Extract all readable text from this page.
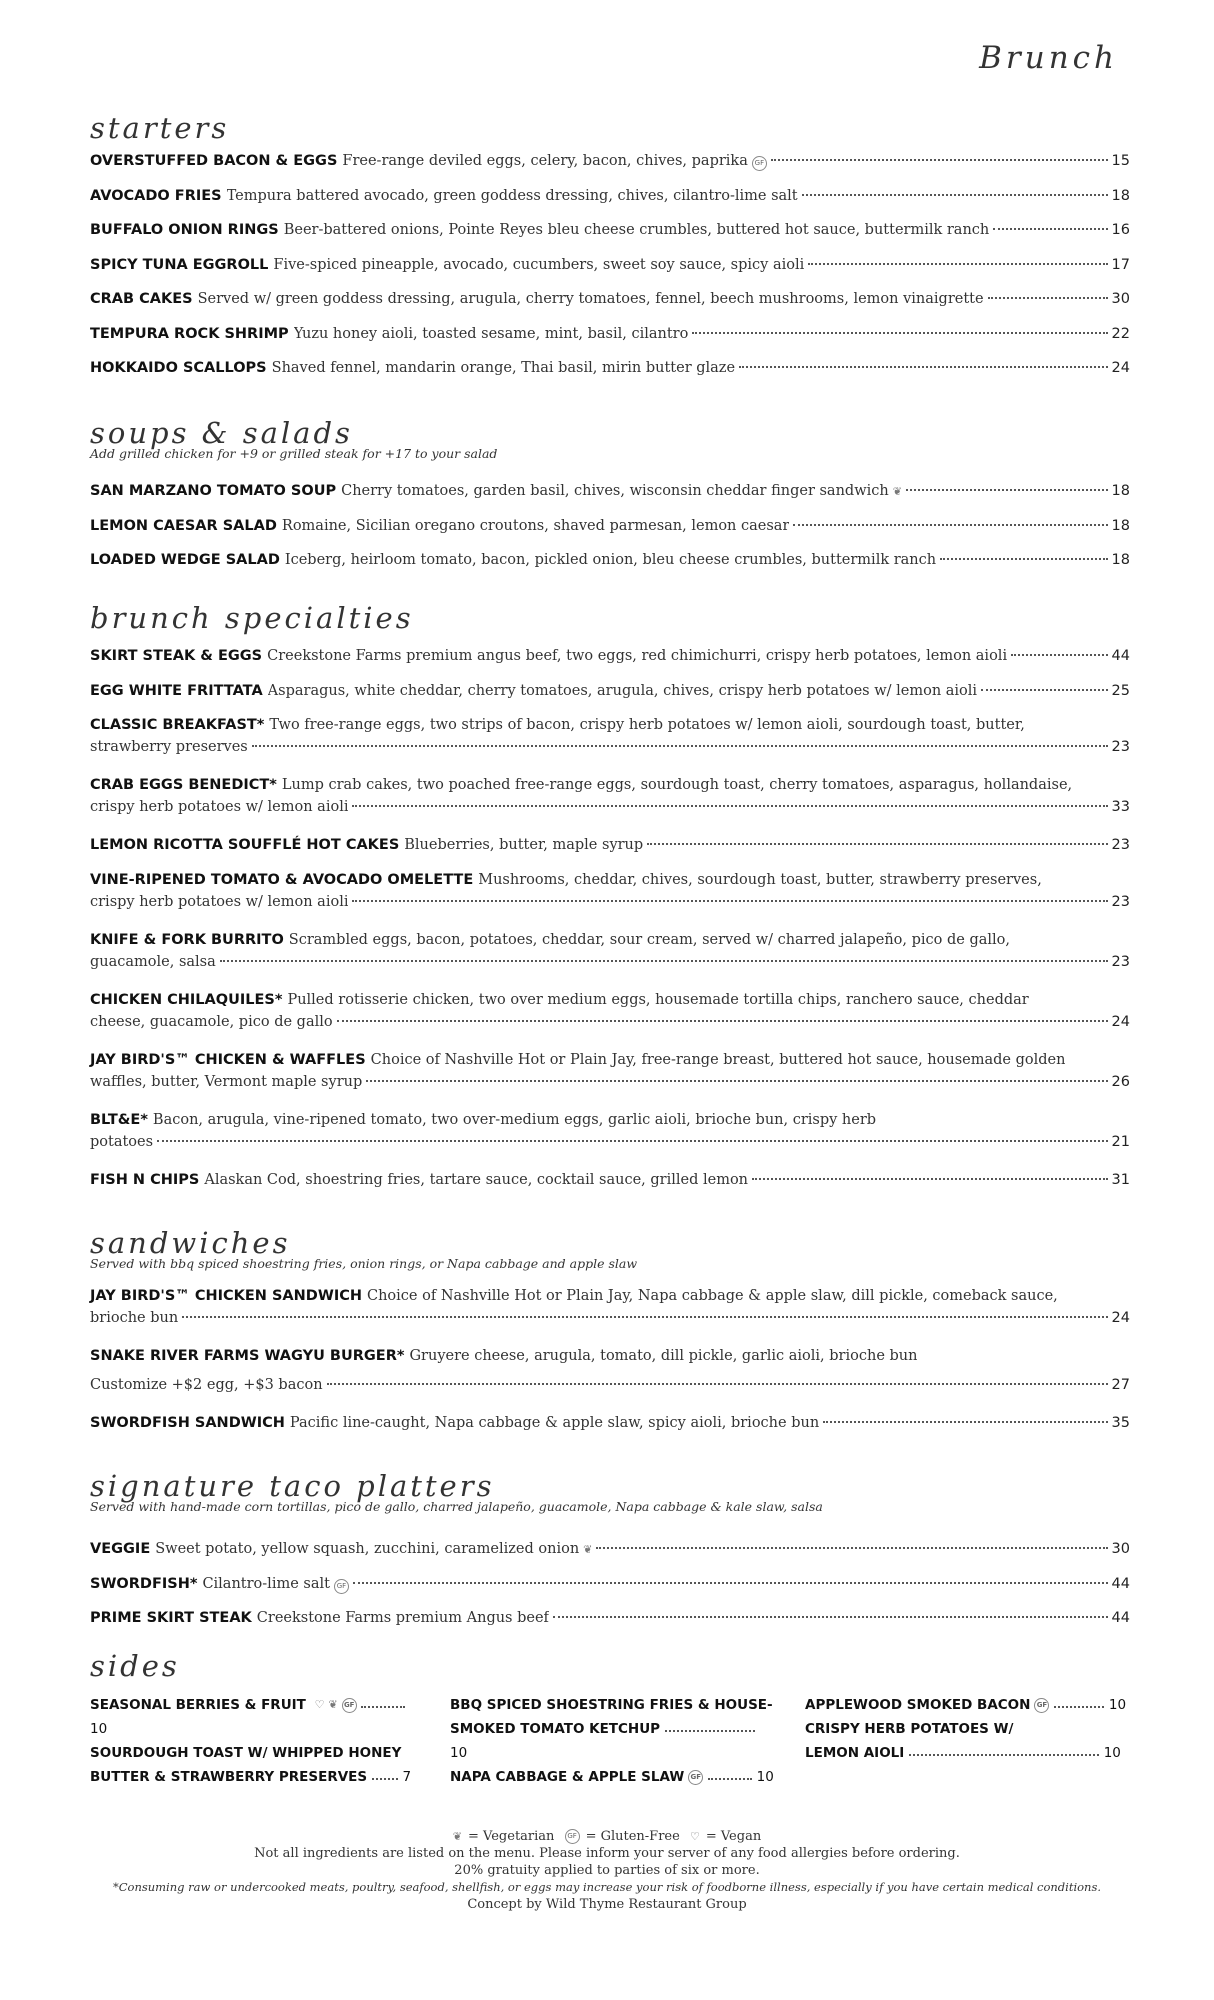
Brunch
starters
OVERSTUFFED BACON & EGGS Free-range deviled eggs, celery, bacon, chives, paprika GF	15
AVOCADO FRIES Tempura battered avocado, green goddess dressing, chives, cilantro-lime salt	18
BUFFALO ONION RINGS Beer-battered onions, Pointe Reyes bleu cheese crumbles, buttered hot sauce, buttermilk ranch	16
SPICY TUNA EGGROLL Five-spiced pineapple, avocado, cucumbers, sweet soy sauce, spicy aioli	17
CRAB CAKES Served w/ green goddess dressing, arugula, cherry tomatoes, fennel, beech mushrooms, lemon vinaigrette	30
TEMPURA ROCK SHRIMP Yuzu honey aioli, toasted sesame, mint, basil, cilantro	22
HOKKAIDO SCALLOPS Shaved fennel, mandarin orange, Thai basil, mirin butter glaze	24
soups & salads
Add grilled chicken for +9 or grilled steak for +17 to your salad
SAN MARZANO TOMATO SOUP Cherry tomatoes, garden basil, chives, wisconsin cheddar finger sandwich ❦	18
LEMON CAESAR SALAD Romaine, Sicilian oregano croutons, shaved parmesan, lemon caesar	18
LOADED WEDGE SALAD Iceberg, heirloom tomato, bacon, pickled onion, bleu cheese crumbles, buttermilk ranch	18
brunch specialties
SKIRT STEAK & EGGS Creekstone Farms premium angus beef, two eggs, red chimichurri, crispy herb potatoes, lemon aioli	44
EGG WHITE FRITTATA Asparagus, white cheddar, cherry tomatoes, arugula, chives, crispy herb potatoes w/ lemon aioli	25
CLASSIC BREAKFAST* Two free-range eggs, two strips of bacon, crispy herb potatoes w/ lemon aioli, sourdough toast, butter,
strawberry preserves	23
CRAB EGGS BENEDICT* Lump crab cakes, two poached free-range eggs, sourdough toast, cherry tomatoes, asparagus, hollandaise,
crispy herb potatoes w/ lemon aioli	33
LEMON RICOTTA SOUFFLÉ HOT CAKES Blueberries, butter, maple syrup	23
VINE-RIPENED TOMATO & AVOCADO OMELETTE Mushrooms, cheddar, chives, sourdough toast, butter, strawberry preserves,
crispy herb potatoes w/ lemon aioli	23
KNIFE & FORK BURRITO Scrambled eggs, bacon, potatoes, cheddar, sour cream, served w/ charred jalapeño, pico de gallo,
guacamole, salsa	23
CHICKEN CHILAQUILES* Pulled rotisserie chicken, two over medium eggs, housemade tortilla chips, ranchero sauce, cheddar
cheese, guacamole, pico de gallo	24
JAY BIRD'S™ CHICKEN & WAFFLES Choice of Nashville Hot or Plain Jay, free-range breast, buttered hot sauce, housemade golden
waffles, butter, Vermont maple syrup	26
BLT&E* Bacon, arugula, vine-ripened tomato, two over-medium eggs, garlic aioli, brioche bun, crispy herb
potatoes	21
FISH N CHIPS Alaskan Cod, shoestring fries, tartare sauce, cocktail sauce, grilled lemon	31
sandwiches
Served with bbq spiced shoestring fries, onion rings, or Napa cabbage and apple slaw
JAY BIRD'S™ CHICKEN SANDWICH Choice of Nashville Hot or Plain Jay, Napa cabbage & apple slaw, dill pickle, comeback sauce,
brioche bun	24
SNAKE RIVER FARMS WAGYU BURGER* Gruyere cheese, arugula, tomato, dill pickle, garlic aioli, brioche bun
Customize +$2 egg, +$3 bacon	27
SWORDFISH SANDWICH Pacific line-caught, Napa cabbage & apple slaw, spicy aioli, brioche bun	35
signature taco platters
Served with hand-made corn tortillas, pico de gallo, charred jalapeño, guacamole, Napa cabbage & kale slaw, salsa
VEGGIE Sweet potato, yellow squash, zucchini, caramelized onion ❦	30
SWORDFISH* Cilantro-lime salt GF	44
PRIME SKIRT STEAK Creekstone Farms premium Angus beef	44
sides
SEASONAL BERRIES & FRUIT ♡ ❦ GF  10
SOURDOUGH TOAST W/ WHIPPED HONEY
BUTTER & STRAWBERRY PRESERVES	7
BBQ SPICED SHOESTRING FRIES & HOUSE-
SMOKED TOMATO KETCHUP  10
NAPA CABBAGE & APPLE SLAW GF	10
APPLEWOOD SMOKED BACON GF	10
CRISPY HERB POTATOES W/
LEMON AIOLI	10
❦ = Vegetarian GF = Gluten-Free ♡ = Vegan
Not all ingredients are listed on the menu. Please inform your server of any food allergies before ordering.
20% gratuity applied to parties of six or more.
*Consuming raw or undercooked meats, poultry, seafood, shellfish, or eggs may increase your risk of foodborne illness, especially if you have certain medical conditions.
Concept by Wild Thyme Restaurant Group
